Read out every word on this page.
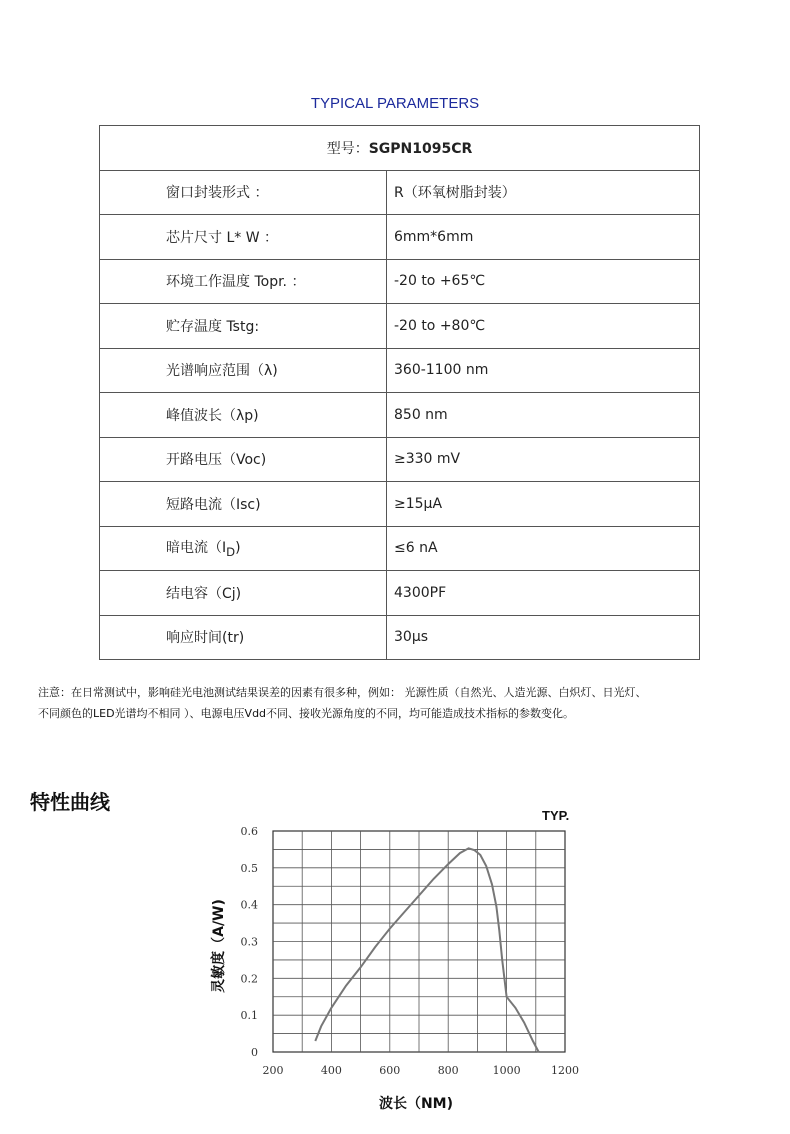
TYPICAL PARAMETERS
型号：SGPN1095CR	
窗口封装形式 ：	R（环氧树脂封装）
芯片尺寸 L* W ：	6mm*6mm
环境工作温度 Topr. ：	-20 to +65℃
贮存温度 Tstg:	-20 to +80℃
光谱响应范围（λ)	360-1100 nm
峰值波长（λp)	850 nm
开路电压（Voc)	≥330 mV
短路电流（Isc)	≥15μA
暗电流$(I_D)$	≤6 nA
结电容（Cj)	4300PF
响应时间(tr)	30μs
注意：在日常测试中，影响硅光电池测试结果误差的因素有很多种，例如： 光源性质（自然光、人造光源、白炽灯、日光灯、
不同颜色的LED光谱均不相同 ）、电源电压Vdd不同、接收光源角度的不同，均可能造成技术指标的参数变化。
特性曲线
200	400	600	800	1000	1200
0
0.1
0.2
0.3
0.4
0.5
0.6
TYP.
波长（NM)
灵敏度（A/W)
